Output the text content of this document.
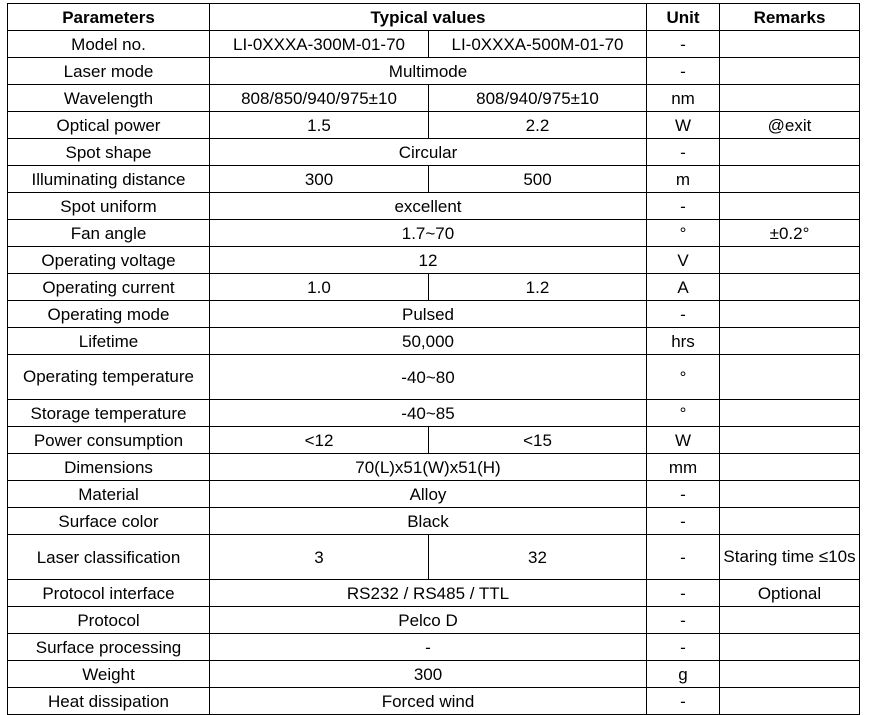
Parameters	Typical values		Unit	Remarks
Model no.	LI-0XXXA-300M-01-70	LI-0XXXA-500M-01-70	-	
Laser mode	Multimode		-	
Wavelength	808/850/940/975±10	808/940/975±10	nm	
Optical power	1.5	2.2	W	@exit
Spot shape	Circular		-	
Illuminating distance	300	500	m	
Spot uniform	excellent		-	
Fan angle	1.7~70		°	±0.2°
Operating voltage	12		V	
Operating current	1.0	1.2	A	
Operating mode	Pulsed		-	
Lifetime	50,000		hrs	
Operating temperature	-40~80		°	
Storage temperature	-40~85		°	
Power consumption	<12	<15	W	
Dimensions	70(L)x51(W)x51(H)		mm	
Material	Alloy		-	
Surface color	Black		-	
Laser classification	3	32	-	Staring time ≤10s
Protocol interface	RS232 / RS485 / TTL		-	Optional
Protocol	Pelco D		-	
Surface processing	-		-	
Weight	300		g	
Heat dissipation	Forced wind		-	
